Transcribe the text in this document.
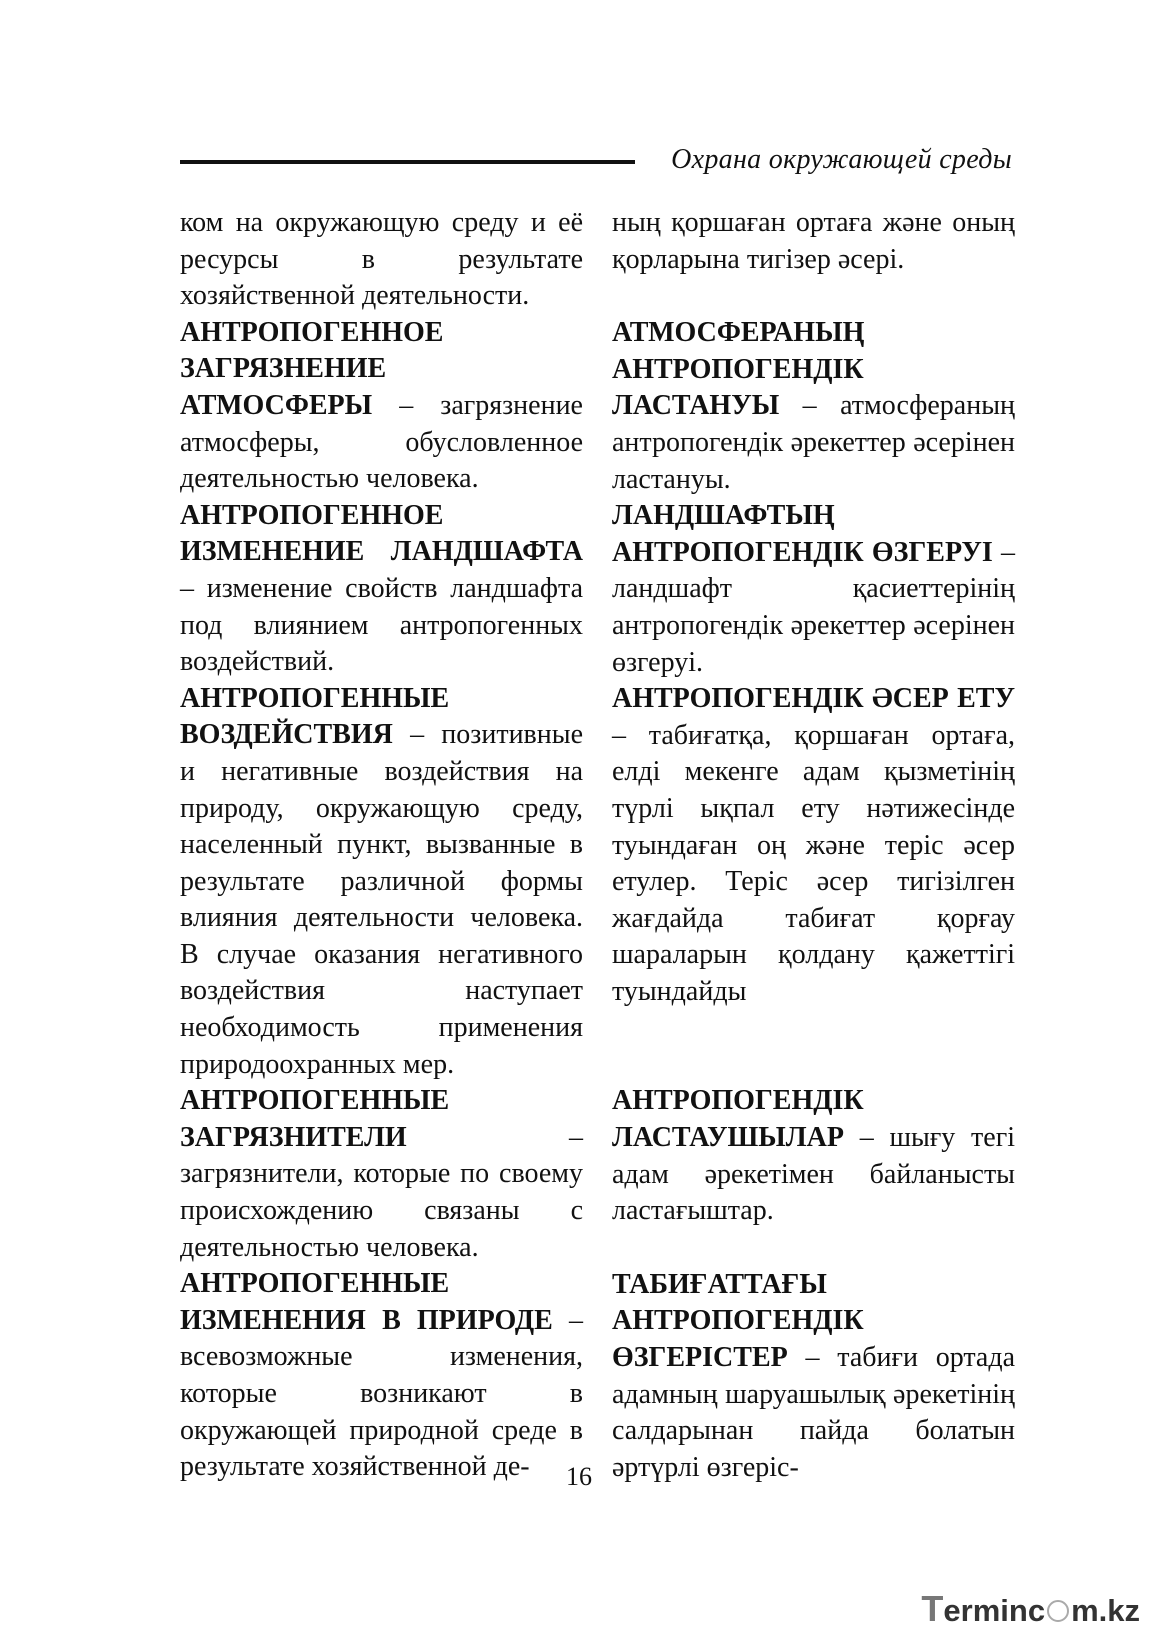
Охрана окружающей среды

ком на окружающую среду и её ресурсы в результате хозяйственной деятельности.

АНТРОПОГЕННОЕ ЗАГРЯЗНЕНИЕ АТМОСФЕРЫ – загрязнение атмосферы, обусловленное деятельностью человека.

АНТРОПОГЕННОЕ ИЗМЕНЕНИЕ ЛАНДШАФТА – изменение свойств ландшафта под влиянием антропогенных воздействий.

АНТРОПОГЕННЫЕ ВОЗДЕЙСТВИЯ – позитивные и негативные воздействия на природу, окружающую среду, населенный пункт, вызванные в результате различной формы влияния деятельности человека. В случае оказания негативного воздействия наступает необходимость применения природоохранных мер.

АНТРОПОГЕННЫЕ ЗАГРЯЗНИТЕЛИ – загрязнители, которые по своему происхождению связаны с деятельностью человека.

АНТРОПОГЕННЫЕ ИЗМЕНЕНИЯ В ПРИРОДЕ – всевозможные изменения, которые возникают в окружающей природной среде в результате хозяйственной де-

ның қоршаған ортаға және оның қорларына тигізер әсері.

АТМОСФЕРАНЫҢ АНТРОПОГЕНДІК ЛАСТАНУЫ – атмосфераның антропогендік әрекеттер әсерінен ластануы.

ЛАНДШАФТЫҢ АНТРОПОГЕНДІК ӨЗГЕРУІ – ландшафт қасиеттерінің антропогендік әрекеттер әсерінен өзгеруі.

АНТРОПОГЕНДІК ӘСЕР ЕТУ – табиғатқа, қоршаған ортаға, елді мекенге адам қызметінің түрлі ықпал ету нәтижесінде туындаған оң және теріс әсер етулер. Теріс әсер тигізілген жағдайда табиғат қорғау шараларын қолдану қажеттігі туындайды

АНТРОПОГЕНДІК ЛАСТАУШЫЛАР – шығу тегі адам әрекетімен байланысты ластағыштар.

ТАБИҒАТТАҒЫ АНТРОПОГЕНДІК ӨЗГЕРІСТЕР – табиғи ортада адамның шаруашылық әрекетінің салдарынан пайда болатын әртүрлі өзгеріс-

16
T erminc m.kz
